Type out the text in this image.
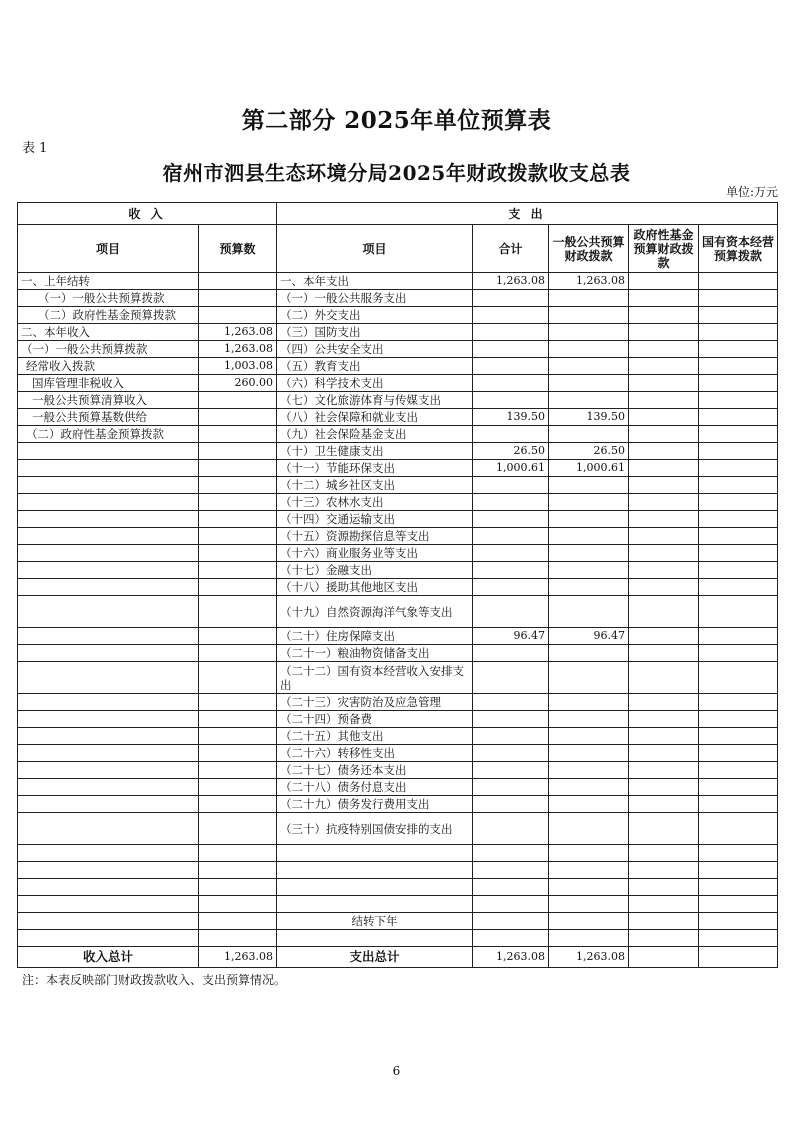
第二部分 2025年单位预算表
表 1
宿州市泗县生态环境分局2025年财政拨款收支总表
单位:万元
收 入		支 出				
项目	预算数	项目	合计	一般公共预算财政拨款	政府性基金预算财政拨款	国有资本经营预算拨款
一、上年结转		一、本年支出	1,263.08	1,263.08		
（一）一般公共预算拨款		（一）一般公共服务支出				
（二）政府性基金预算拨款		（二）外交支出				
二、本年收入	1,263.08	（三）国防支出				
（一）一般公共预算拨款	1,263.08	（四）公共安全支出				
经常收入拨款	1,003.08	（五）教育支出				
国库管理非税收入	260.00	（六）科学技术支出				
一般公共预算清算收入		（七）文化旅游体育与传媒支出				
一般公共预算基数供给		（八）社会保障和就业支出	139.50	139.50		
（二）政府性基金预算拨款		（九）社会保险基金支出				
		（十）卫生健康支出	26.50	26.50		
		（十一）节能环保支出	1,000.61	1,000.61		
		（十二）城乡社区支出				
		（十三）农林水支出				
		（十四）交通运输支出				
		（十五）资源勘探信息等支出				
		（十六）商业服务业等支出				
		（十七）金融支出				
		（十八）援助其他地区支出				
		（十九）自然资源海洋气象等支出				
		（二十）住房保障支出	96.47	96.47		
		（二十一）粮油物资储备支出				
		（二十二）国有资本经营收入安排支出				
		（二十三）灾害防治及应急管理				
		（二十四）预备费				
		（二十五）其他支出				
		（二十六）转移性支出				
		（二十七）债务还本支出				
		（二十八）债务付息支出				
		（二十九）债务发行费用支出				
		（三十）抗疫特别国债安排的支出				

		结转下年				

收入总计	1,263.08	支出总计	1,263.08	1,263.08		
注：本表反映部门财政拨款收入、支出预算情况。
6
